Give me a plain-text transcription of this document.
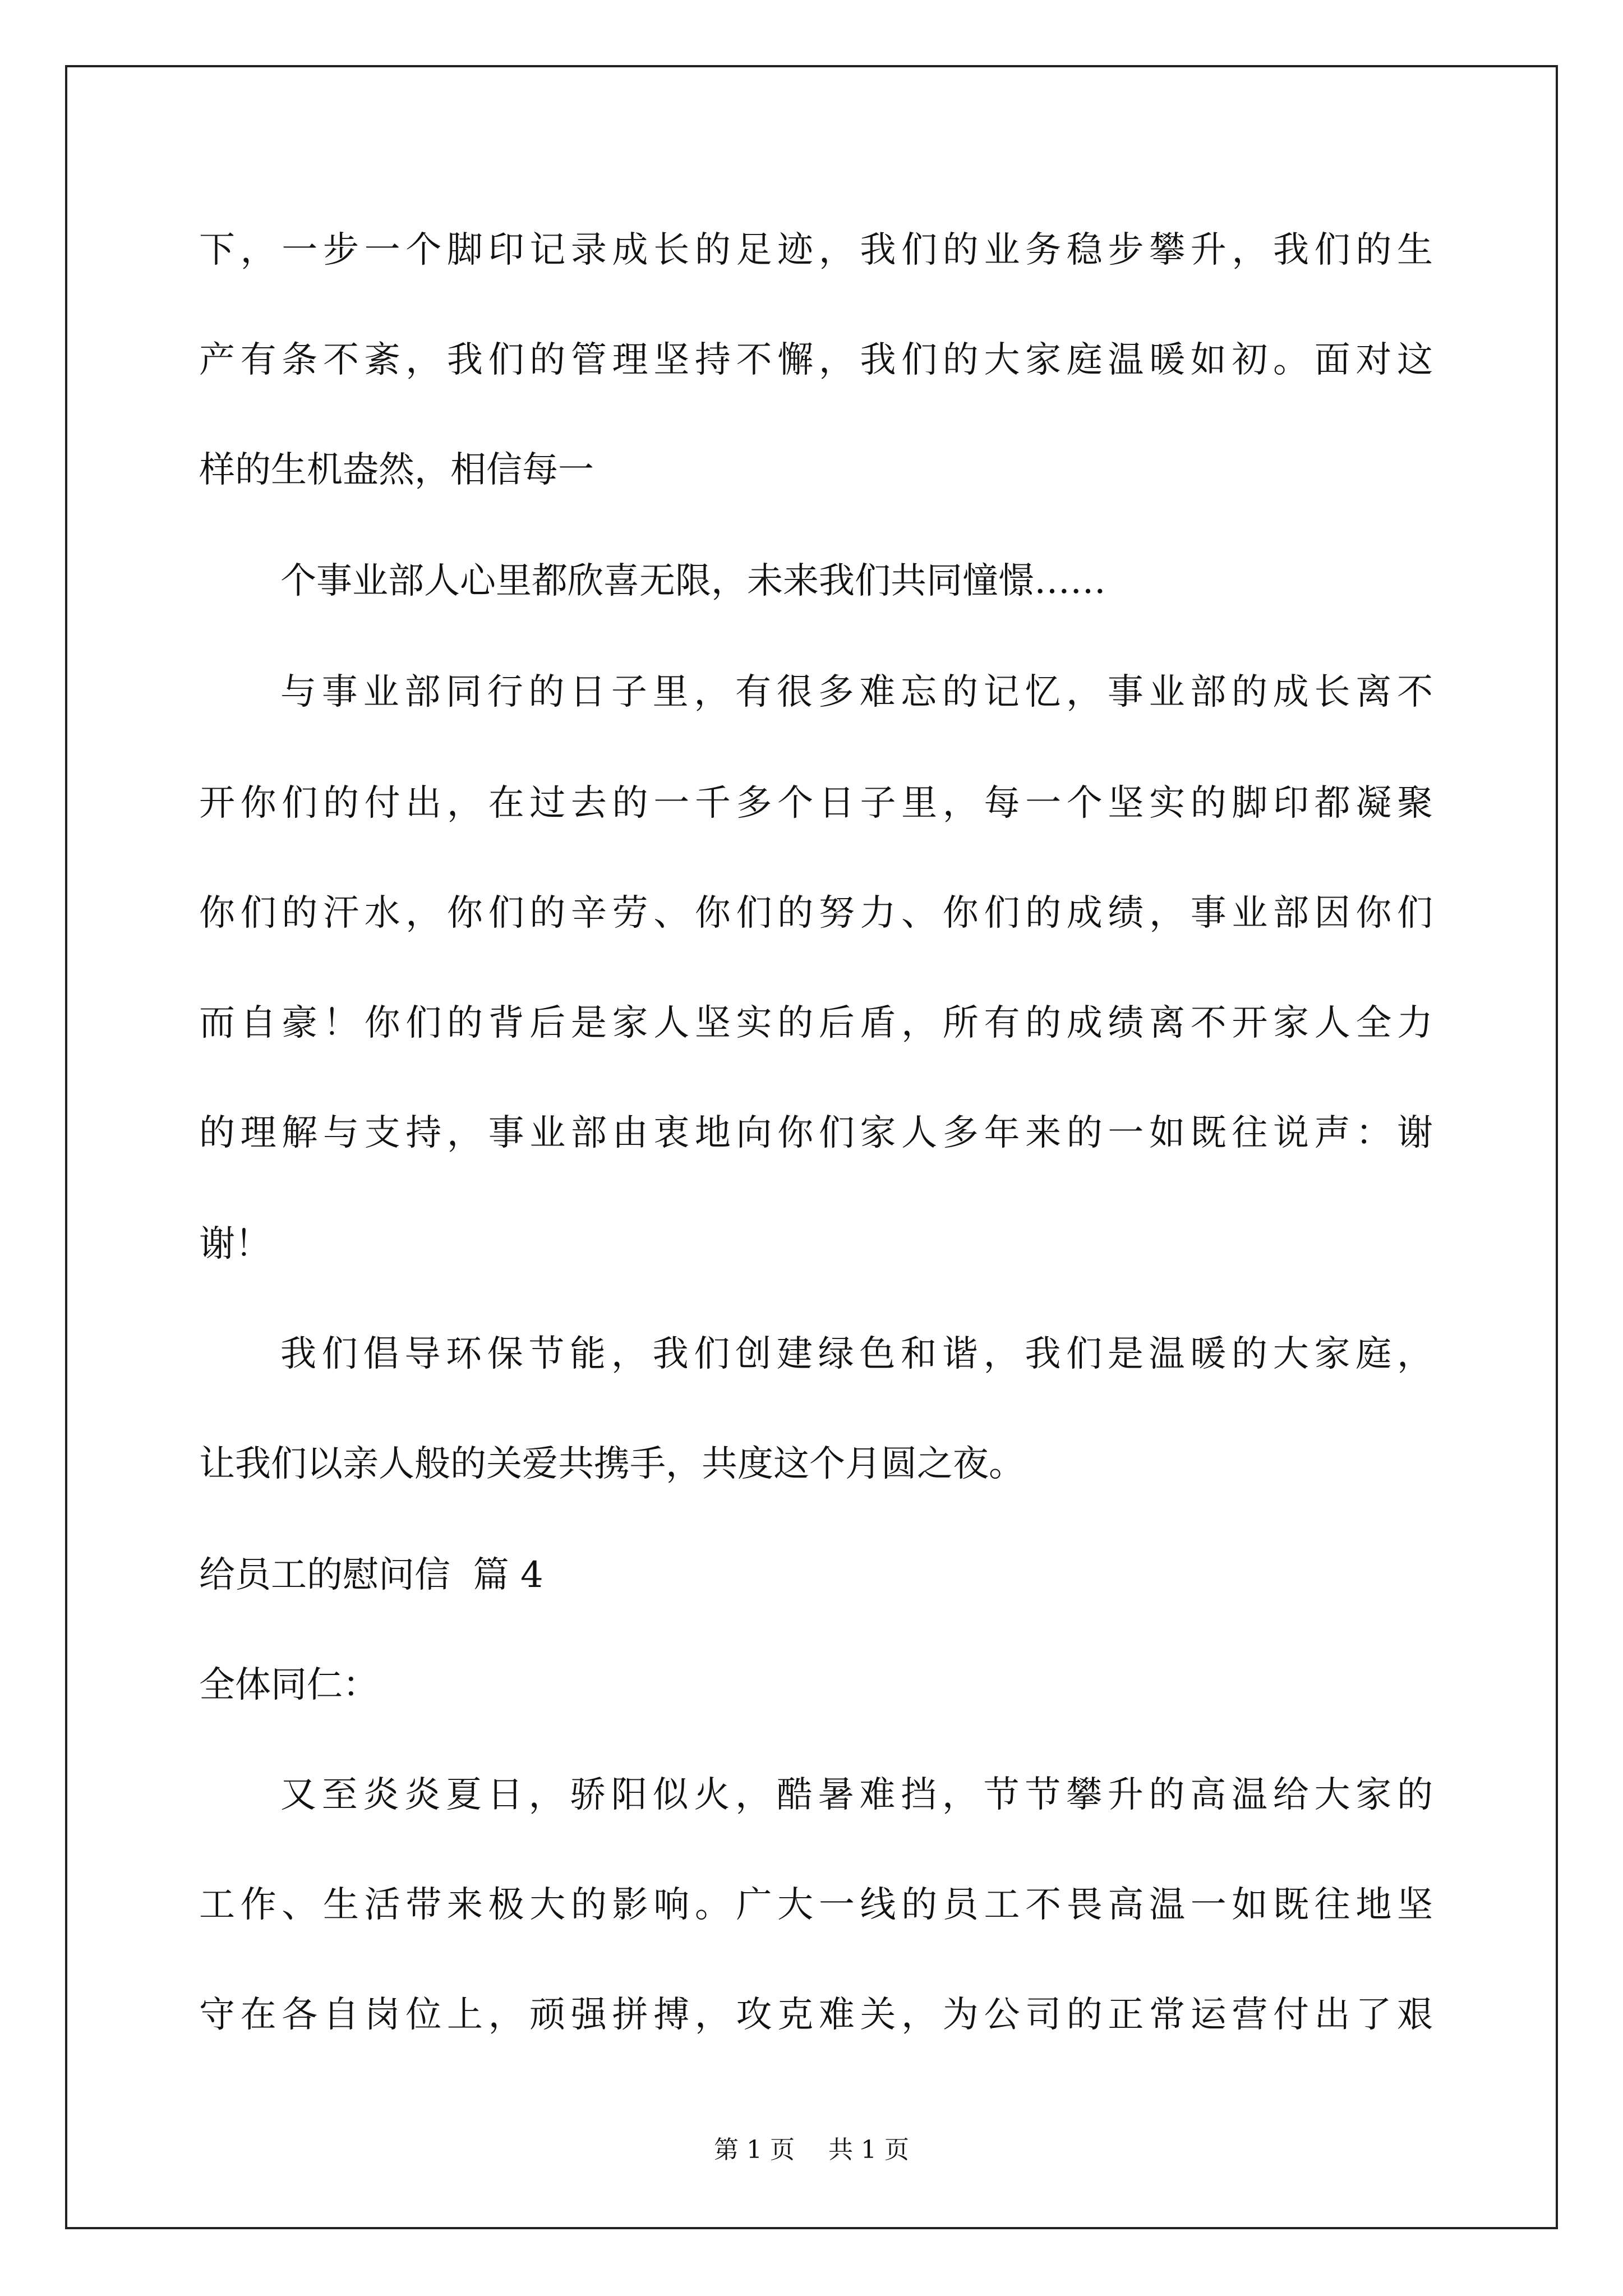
下，一步一个脚印记录成长的足迹，我们的业务稳步攀升，我们的生
产有条不紊，我们的管理坚持不懈，我们的大家庭温暖如初。面对这
样的生机盎然，相信每一
个事业部人心里都欣喜无限，未来我们共同憧憬……
与事业部同行的日子里，有很多难忘的记忆，事业部的成长离不
开你们的付出，在过去的一千多个日子里，每一个坚实的脚印都凝聚
你们的汗水，你们的辛劳、你们的努力、你们的成绩，事业部因你们
而自豪！你们的背后是家人坚实的后盾，所有的成绩离不开家人全力
的理解与支持，事业部由衷地向你们家人多年来的一如既往说声：谢
谢！
我们倡导环保节能，我们创建绿色和谐，我们是温暖的大家庭，
让我们以亲人般的关爱共携手，共度这个月圆之夜。
给员工的慰问信  篇 4
全体同仁：
又至炎炎夏日，骄阳似火，酷暑难挡，节节攀升的高温给大家的
工作、生活带来极大的影响。广大一线的员工不畏高温一如既往地坚
守在各自岗位上，顽强拼搏，攻克难关，为公司的正常运营付出了艰
第 1 页 共 1 页
